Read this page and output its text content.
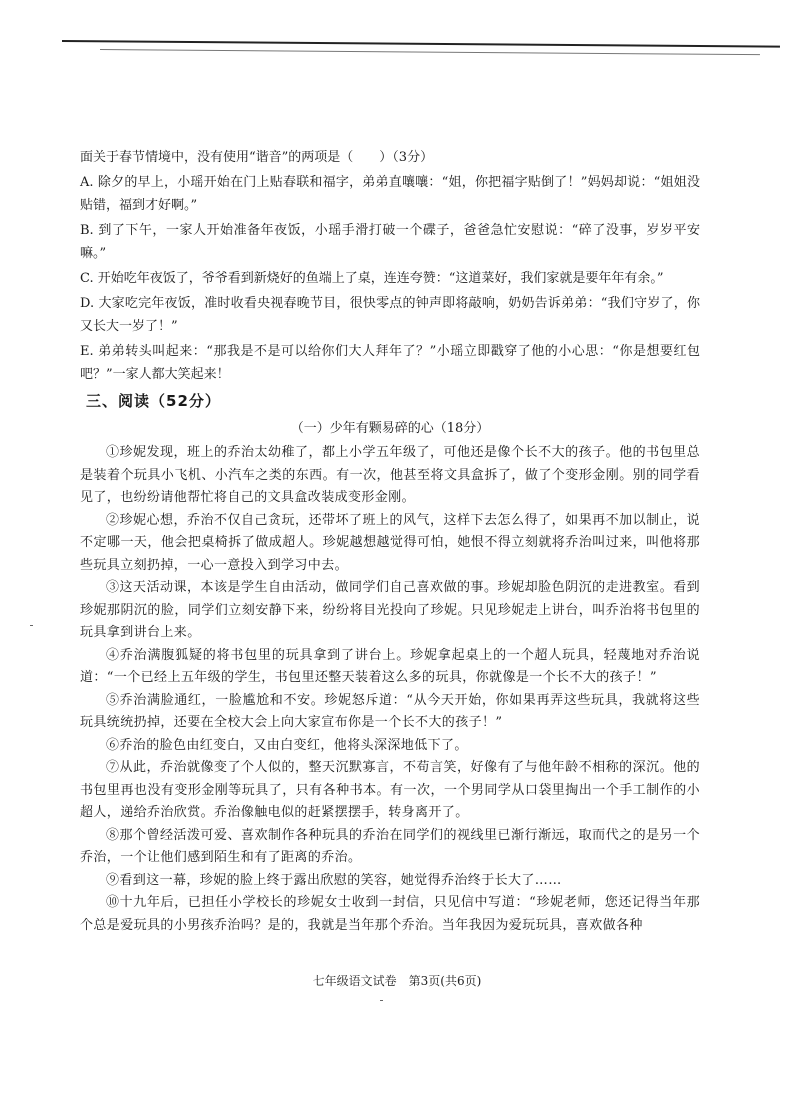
面关于春节情境中，没有使用“谐音”的两项是（　　）（3分）

A. 除夕的早上，小瑶开始在门上贴春联和福字，弟弟直嚷嚷：“姐，你把福字贴倒了！”妈妈却说：“姐姐没贴错，福到才好啊。”

B. 到了下午，一家人开始准备年夜饭，小瑶手滑打破一个碟子，爸爸急忙安慰说：“碎了没事，岁岁平安嘛。”

C. 开始吃年夜饭了，爷爷看到新烧好的鱼端上了桌，连连夸赞：“这道菜好，我们家就是要年年有余。”

D. 大家吃完年夜饭，准时收看央视春晚节目，很快零点的钟声即将敲响，奶奶告诉弟弟：“我们守岁了，你又长大一岁了！”

E. 弟弟转头叫起来：“那我是不是可以给你们大人拜年了？”小瑶立即戳穿了他的小心思：“你是想要红包吧？”一家人都大笑起来！

三、阅读（52分）
（一）少年有颗易碎的心（18分）

①珍妮发现，班上的乔治太幼稚了，都上小学五年级了，可他还是像个长不大的孩子。他的书包里总是装着个玩具小飞机、小汽车之类的东西。有一次，他甚至将文具盒拆了，做了个变形金刚。别的同学看见了，也纷纷请他帮忙将自己的文具盒改装成变形金刚。

②珍妮心想，乔治不仅自己贪玩，还带坏了班上的风气，这样下去怎么得了，如果再不加以制止，说不定哪一天，他会把桌椅拆了做成超人。珍妮越想越觉得可怕，她恨不得立刻就将乔治叫过来，叫他将那些玩具立刻扔掉，一心一意投入到学习中去。

③这天活动课，本该是学生自由活动，做同学们自己喜欢做的事。珍妮却脸色阴沉的走进教室。看到珍妮那阴沉的脸，同学们立刻安静下来，纷纷将目光投向了珍妮。只见珍妮走上讲台，叫乔治将书包里的玩具拿到讲台上来。

④乔治满腹狐疑的将书包里的玩具拿到了讲台上。珍妮拿起桌上的一个超人玩具，轻蔑地对乔治说道：“一个已经上五年级的学生，书包里还整天装着这么多的玩具，你就像是一个长不大的孩子！”

⑤乔治满脸通红，一脸尴尬和不安。珍妮怒斥道：“从今天开始，你如果再弄这些玩具，我就将这些玩具统统扔掉，还要在全校大会上向大家宣布你是一个长不大的孩子！”

⑥乔治的脸色由红变白，又由白变红，他将头深深地低下了。

⑦从此，乔治就像变了个人似的，整天沉默寡言，不苟言笑，好像有了与他年龄不相称的深沉。他的书包里再也没有变形金刚等玩具了，只有各种书本。有一次，一个男同学从口袋里掏出一个手工制作的小超人，递给乔治欣赏。乔治像触电似的赶紧摆摆手，转身离开了。

⑧那个曾经活泼可爱、喜欢制作各种玩具的乔治在同学们的视线里已渐行渐远，取而代之的是另一个乔治，一个让他们感到陌生和有了距离的乔治。

⑨看到这一幕，珍妮的脸上终于露出欣慰的笑容，她觉得乔治终于长大了……

⑩十九年后，已担任小学校长的珍妮女士收到一封信，只见信中写道：“珍妮老师，您还记得当年那个总是爱玩具的小男孩乔治吗？是的，我就是当年那个乔治。当年我因为爱玩玩具，喜欢做各种

七年级语文试卷　第3页(共6页)
